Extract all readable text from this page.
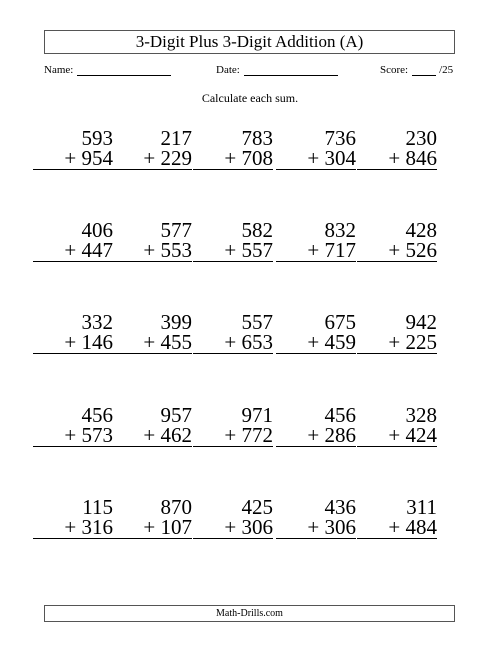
3-Digit Plus 3-Digit Addition (A)
Name:	Date:	Score:	/25
Calculate each sum.
593
+ 954
217
+ 229
783
+ 708
736
+ 304
230
+ 846
406
+ 447
577
+ 553
582
+ 557
832
+ 717
428
+ 526
332
+ 146
399
+ 455
557
+ 653
675
+ 459
942
+ 225
456
+ 573
957
+ 462
971
+ 772
456
+ 286
328
+ 424
115
+ 316
870
+ 107
425
+ 306
436
+ 306
311
+ 484
Math-Drills.com
